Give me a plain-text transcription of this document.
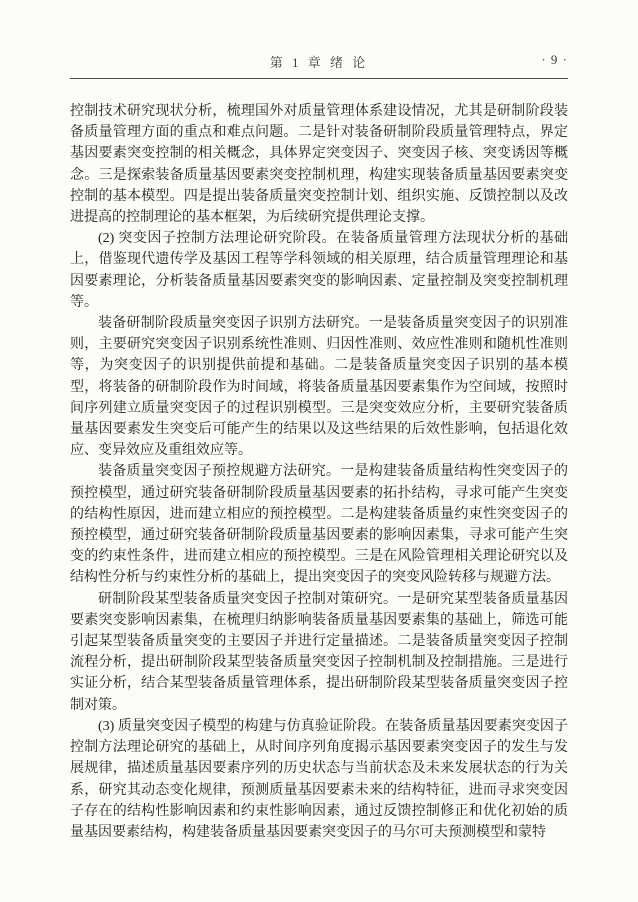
第 1 章 绪 论	· 9 ·

控制技术研究现状分析，梳理国外对质量管理体系建设情况，尤其是研制阶段装备质量管理方面的重点和难点问题。二是针对装备研制阶段质量管理特点，界定基因要素突变控制的相关概念，具体界定突变因子、突变因子核、突变诱因等概念。三是探索装备质量基因要素突变控制机理，构建实现装备质量基因要素突变控制的基本模型。四是提出装备质量突变控制计划、组织实施、反馈控制以及改进提高的控制理论的基本框架，为后续研究提供理论支撑。

(2) 突变因子控制方法理论研究阶段。在装备质量管理方法现状分析的基础上，借鉴现代遗传学及基因工程等学科领域的相关原理，结合质量管理理论和基因要素理论，分析装备质量基因要素突变的影响因素、定量控制及突变控制机理等。

装备研制阶段质量突变因子识别方法研究。一是装备质量突变因子的识别准则，主要研究突变因子识别系统性准则、归因性准则、效应性准则和随机性准则等，为突变因子的识别提供前提和基础。二是装备质量突变因子识别的基本模型，将装备的研制阶段作为时间域，将装备质量基因要素集作为空间域，按照时间序列建立质量突变因子的过程识别模型。三是突变效应分析，主要研究装备质量基因要素发生突变后可能产生的结果以及这些结果的后效性影响，包括退化效应、变异效应及重组效应等。

装备质量突变因子预控规避方法研究。一是构建装备质量结构性突变因子的预控模型，通过研究装备研制阶段质量基因要素的拓扑结构，寻求可能产生突变的结构性原因，进而建立相应的预控模型。二是构建装备质量约束性突变因子的预控模型，通过研究装备研制阶段质量基因要素的影响因素集，寻求可能产生突变的约束性条件，进而建立相应的预控模型。三是在风险管理相关理论研究以及结构性分析与约束性分析的基础上，提出突变因子的突变风险转移与规避方法。

研制阶段某型装备质量突变因子控制对策研究。一是研究某型装备质量基因要素突变影响因素集，在梳理归纳影响装备质量基因要素集的基础上，筛选可能引起某型装备质量突变的主要因子并进行定量描述。二是装备质量突变因子控制流程分析，提出研制阶段某型装备质量突变因子控制机制及控制措施。三是进行实证分析，结合某型装备质量管理体系，提出研制阶段某型装备质量突变因子控制对策。

(3) 质量突变因子模型的构建与仿真验证阶段。在装备质量基因要素突变因子控制方法理论研究的基础上，从时间序列角度揭示基因要素突变因子的发生与发展规律，描述质量基因要素序列的历史状态与当前状态及未来发展状态的行为关系，研究其动态变化规律，预测质量基因要素未来的结构特征，进而寻求突变因子存在的结构性影响因素和约束性影响因素，通过反馈控制修正和优化初始的质量基因要素结构，构建装备质量基因要素突变因子的马尔可夫预测模型和蒙特
